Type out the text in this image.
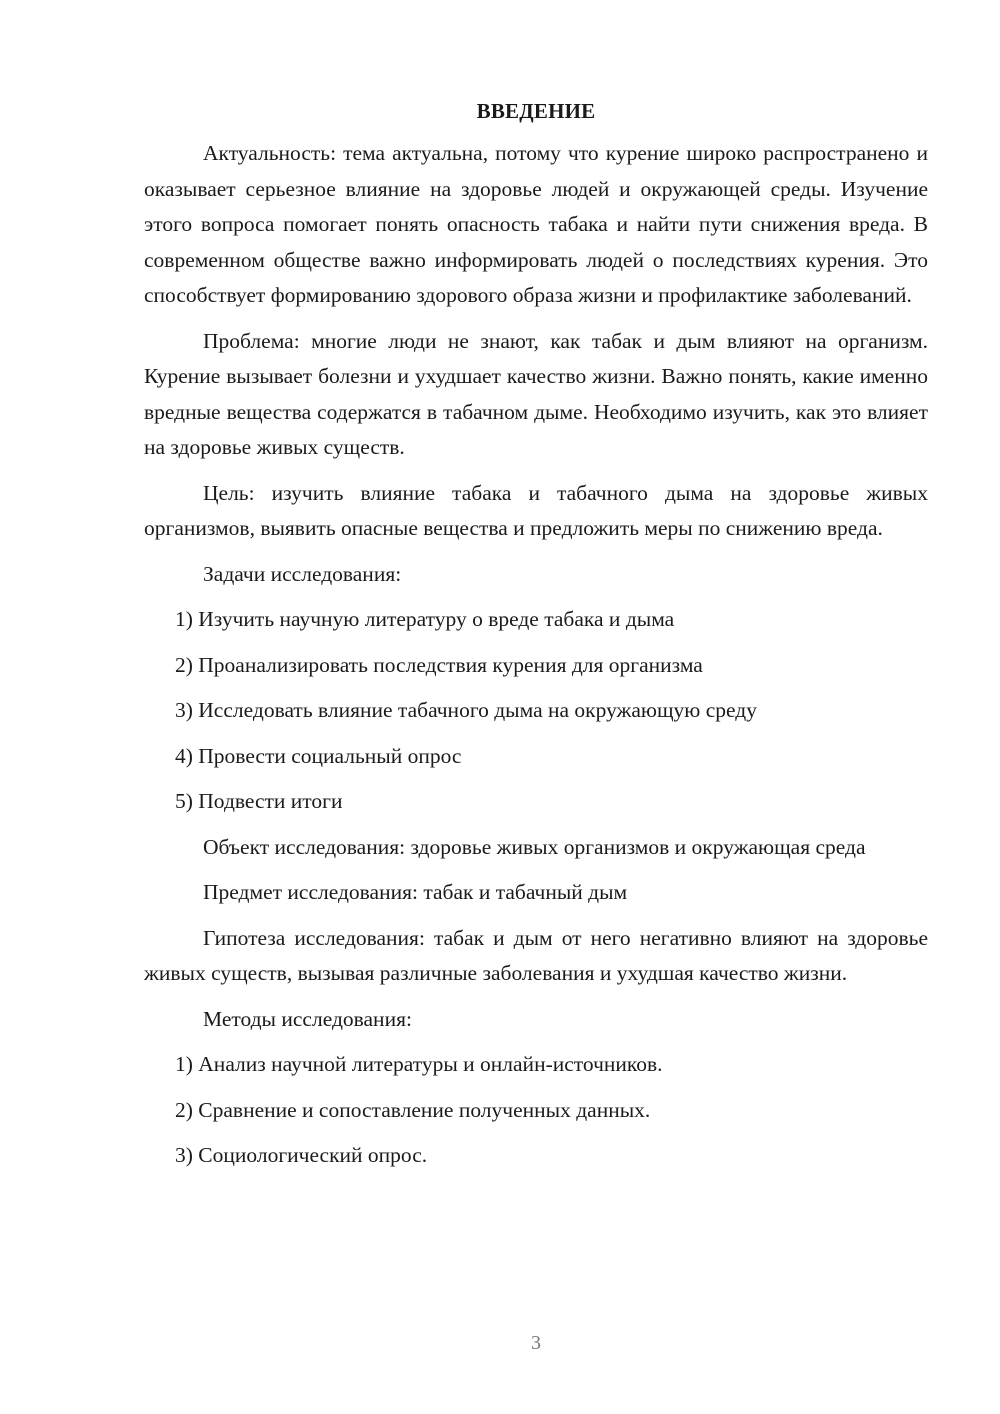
ВВЕДЕНИЕ

Актуальность: тема актуальна, потому что курение широко распространено и оказывает серьезное влияние на здоровье людей и окружающей среды. Изучение этого вопроса помогает понять опасность табака и найти пути снижения вреда. В современном обществе важно информировать людей о последствиях курения. Это способствует формированию здорового образа жизни и профилактике заболеваний.

Проблема: многие люди не знают, как табак и дым влияют на организм. Курение вызывает болезни и ухудшает качество жизни. Важно понять, какие именно вредные вещества содержатся в табачном дыме. Необходимо изучить, как это влияет на здоровье живых существ.

Цель: изучить влияние табака и табачного дыма на здоровье живых организмов, выявить опасные вещества и предложить меры по снижению вреда.

Задачи исследования:

1) Изучить научную литературу о вреде табака и дыма
2) Проанализировать последствия курения для организма
3) Исследовать влияние табачного дыма на окружающую среду
4) Провести социальный опрос
5) Подвести итоги

Объект исследования: здоровье живых организмов и окружающая среда

Предмет исследования: табак и табачный дым

Гипотеза исследования: табак и дым от него негативно влияют на здоровье живых существ, вызывая различные заболевания и ухудшая качество жизни.

Методы исследования:

1) Анализ научной литературы и онлайн-источников.
2) Сравнение и сопоставление полученных данных.
3) Социологический опрос.
3
